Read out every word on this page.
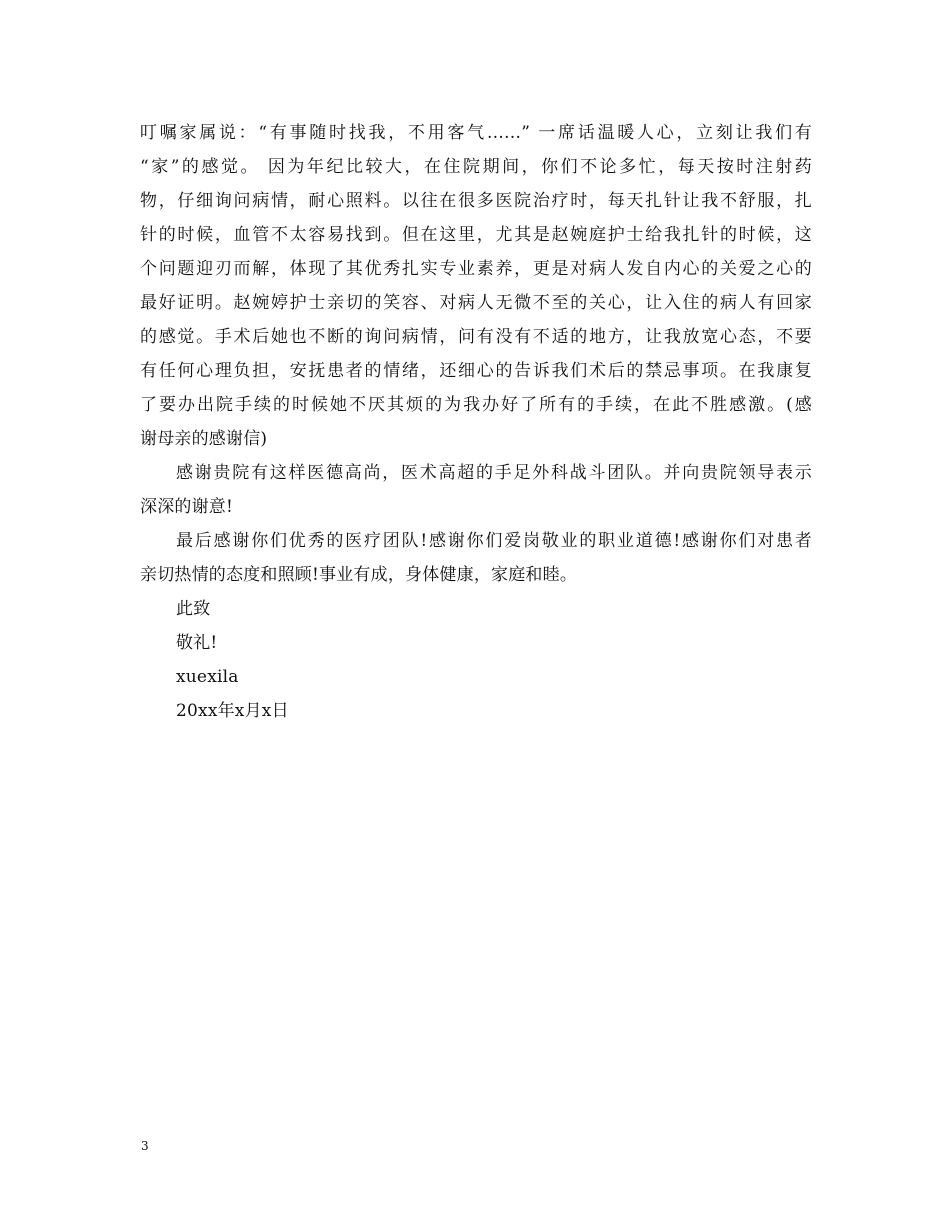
叮嘱家属说：“有事随时找我，不用客气……” 一席话温暖人心，立刻让我们有
“家”的感觉。 因为年纪比较大，在住院期间，你们不论多忙，每天按时注射药
物，仔细询问病情，耐心照料。以往在很多医院治疗时，每天扎针让我不舒服，扎
针的时候，血管不太容易找到。但在这里，尤其是赵婉庭护士给我扎针的时候，这
个问题迎刃而解，体现了其优秀扎实专业素养，更是对病人发自内心的关爱之心的
最好证明。赵婉婷护士亲切的笑容、对病人无微不至的关心，让入住的病人有回家
的感觉。手术后她也不断的询问病情，问有没有不适的地方，让我放宽心态，不要
有任何心理负担，安抚患者的情绪，还细心的告诉我们术后的禁忌事项。在我康复
了要办出院手续的时候她不厌其烦的为我办好了所有的手续，在此不胜感激。(感
谢母亲的感谢信)
感谢贵院有这样医德高尚，医术高超的手足外科战斗团队。并向贵院领导表示
深深的谢意!
最后感谢你们优秀的医疗团队!感谢你们爱岗敬业的职业道德!感谢你们对患者
亲切热情的态度和照顾!事业有成，身体健康，家庭和睦。
此致
敬礼!
xuexila
20xx年x月x日
3
